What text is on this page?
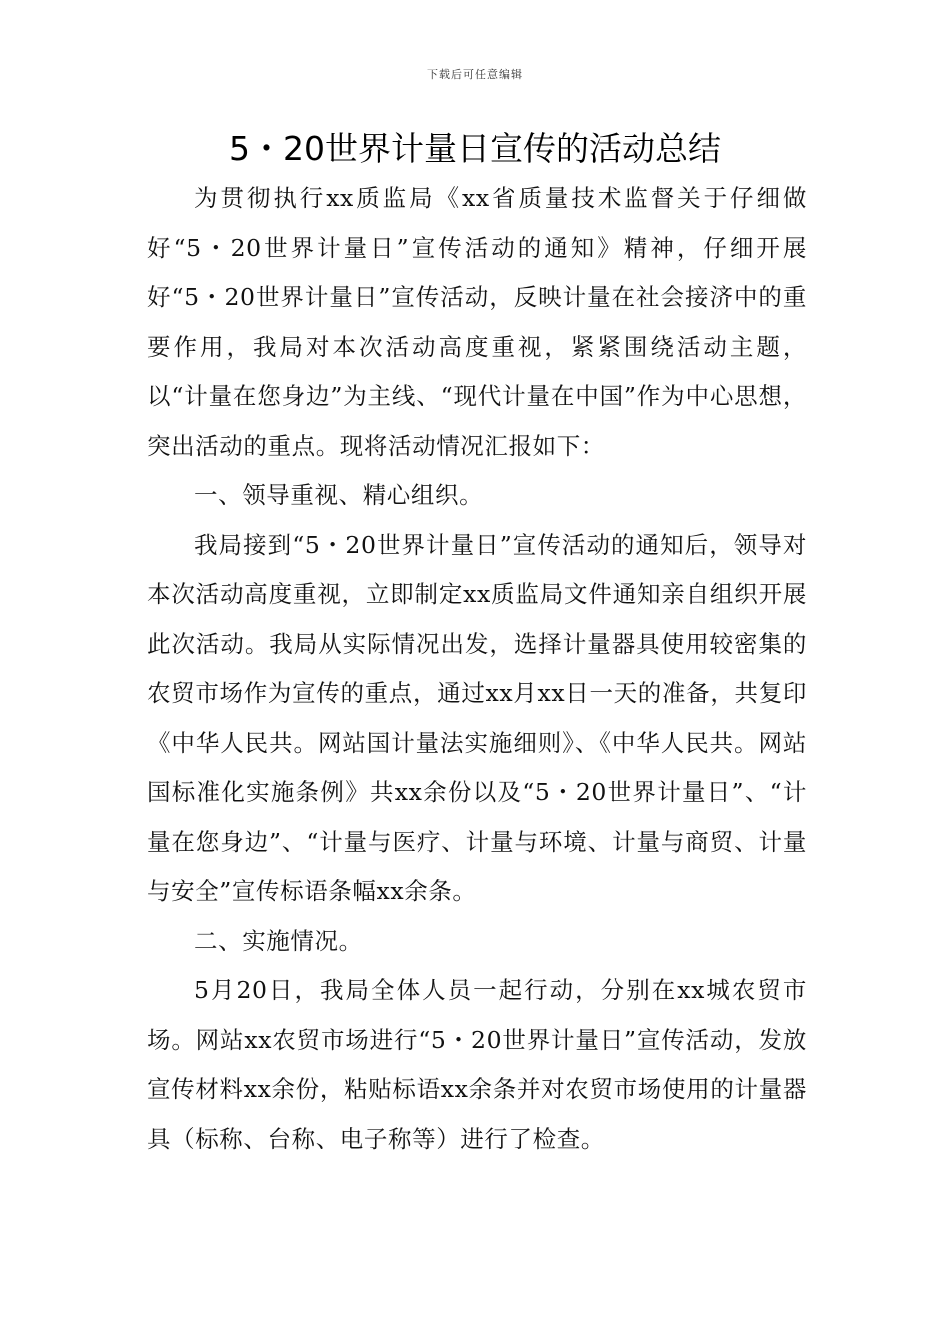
下载后可任意编辑
5・20世界计量日宣传的活动总结

为贯彻执行xx质监局《xx省质量技术监督关于仔细做好“5・20世界计量日”宣传活动的通知》精神，仔细开展好“5・20世界计量日”宣传活动，反映计量在社会接济中的重要作用，我局对本次活动高度重视，紧紧围绕活动主题，以“计量在您身边”为主线、“现代计量在中国”作为中心思想，突出活动的重点。现将活动情况汇报如下：

一、领导重视、精心组织。

我局接到“5・20世界计量日”宣传活动的通知后，领导对本次活动高度重视，立即制定xx质监局文件通知亲自组织开展此次活动。我局从实际情况出发，选择计量器具使用较密集的农贸市场作为宣传的重点，通过xx月xx日一天的准备，共复印《中华人民共。网站国计量法实施细则》、《中华人民共。网站国标准化实施条例》共xx余份以及“5・20世界计量日”、“计量在您身边”、“计量与医疗、计量与环境、计量与商贸、计量与安全”宣传标语条幅xx余条。

二、实施情况。

5月20日，我局全体人员一起行动，分别在xx城农贸市场。网站xx农贸市场进行“5・20世界计量日”宣传活动，发放宣传材料xx余份，粘贴标语xx余条并对农贸市场使用的计量器具（标称、台称、电子称等）进行了检查。
